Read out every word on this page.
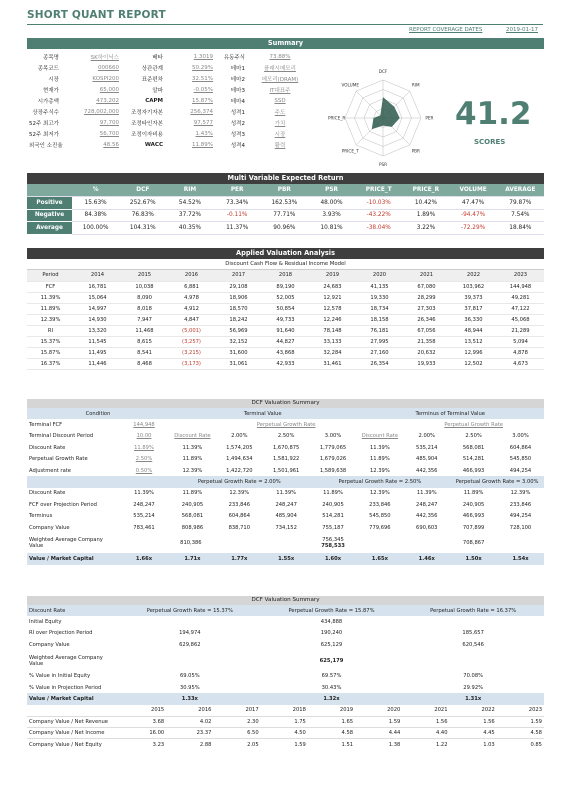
SHORT QUANT REPORT
REPORT COVERAGE DATES	2019-01-17
Summary
종목명	SK하이닉스	베타	1.3019	유동주식	73.88%
종목코드	000660	상관관계	50.29%	테마1	플래시메모리
시장	KOSPI200	표준편차	32.51%	테마2	메모리(DRAM)
현재가	65,000	알파	-0.05%	테마3	IT대표주
시가총액	473,202	CAPM	15.87%	테마4	SSD
상장주식수	728,002,000	조정자기자본	256,374	성격1	주도
52주 최고가	97,700	조정타인자본	97,577	성격2	가치
52주 최저가	56,700	조정이자비용	1.43%	성격3	시장
외국인 소진율	48.56	WACC	11.89%	성격4	활력
DCF
RIM
PER
PBR
PSR
PRICE_T
PRICE_R
VOLUME
41.2
SCORES
Multi Variable Expected Return
	%	DCF	RIM	PER	PBR	PSR	PRICE_T	PRICE_R	VOLUME	AVERAGE
Positive	15.63%	252.67%	54.52%	73.34%	162.53%	48.00%	-10.03%	10.42%	47.47%	79.87%
Negative	84.38%	76.83%	37.72%	-0.11%	77.71%	3.93%	-43.22%	1.89%	-94.47%	7.54%
Average	100.00%	104.31%	40.35%	11.37%	90.96%	10.81%	-38.04%	3.22%	-72.29%	18.84%
Applied Valuation Analysis
Discount Cash Flow & Residual Income Model
Period	2014	2015	2016	2017	2018	2019	2020	2021	2022	2023
FCF	16,781	10,038	6,881	29,108	89,190	24,683	41,135	67,080	103,962	144,948
11.39%	15,064	8,090	4,978	18,906	52,005	12,921	19,330	28,299	39,373	49,281
11.89%	14,997	8,018	4,912	18,570	50,854	12,578	18,734	27,303	37,817	47,122
12.39%	14,930	7,947	4,847	18,242	49,733	12,246	18,158	26,346	36,330	45,068
RI	13,320	11,468	(5,001)	56,969	91,640	78,148	76,181	67,056	48,944	21,289
15.37%	11,545	8,615	(3,257)	32,152	44,827	33,133	27,995	21,358	13,512	5,094
15.87%	11,495	8,541	(3,215)	31,600	43,868	32,284	27,160	20,632	12,996	4,878
16.37%	11,446	8,468	(3,173)	31,061	42,933	31,461	26,354	19,933	12,502	4,673
DCF Valuation Summary
Condition		Terminal Value				Terminus of Terminal Value			
Terminal FCF	144,948		Perpetual Growth Rate				Perpetual Growth Rate		
Terminal Discount Period	10.00	Discount Rate	2.00%	2.50%	3.00%	Discount Rate	2.00%	2.50%	3.00%
Discount Rate	11.89%	11.39%	1,574,205	1,670,875	1,779,065	11.39%	535,214	568,081	604,864
Perpetual Growth Rate	2.50%	11.89%	1,494,634	1,581,922	1,679,026	11.89%	485,904	514,281	545,850
Adjustment rate	0.50%	12.39%	1,422,720	1,501,961	1,589,638	12.39%	442,356	466,993	494,254
		Perpetual Growth Rate = 2.00%			Perpetual Growth Rate = 2.50%			Perpetual Growth Rate = 3.00%	
Discount Rate	11.39%	11.89%	12.39%	11.39%	11.89%	12.39%	11.39%	11.89%	12.39%
FCF over Projection Period	248,247	240,905	233,846	248,247	240,905	233,846	248,247	240,905	233,846
Terminus	535,214	568,081	604,864	485,904	514,281	545,850	442,356	466,993	494,254
Company Value	783,461	808,986	838,710	734,152	755,187	779,696	690,603	707,899	728,100
Weighted Average Company Value	810,386			756,345
758,533			708,867		
Value / Market Capital	1.66x	1.71x	1.77x	1.55x	1.60x	1.65x	1.46x	1.50x	1.54x
DCF Valuation Summary
Discount Rate	Perpetual Growth Rate = 15.37%			Perpetual Growth Rate = 15.87%			Perpetual Growth Rate = 16.37%		
Initial Equity	434,888								
RI over Projection Period	194,974			190,240			185,657		
Company Value	629,862			625,129			620,546		
Weighted Average Company Value	625,179								
% Value in Initial Equity	69.05%			69.57%			70.08%		
% Value in Projection Period	30.95%			30.43%			29.92%		
Value / Market Capital	1.33x			1.32x			1.31x		
	2015	2016	2017	2018	2019	2020	2021	2022	2023
Company Value / Net Revenue	3.68	4.02	2.30	1.75	1.65	1.59	1.56	1.56	1.59
Company Value / Net Income	16.00	23.37	6.50	4.50	4.58	4.44	4.40	4.45	4.58
Company Value / Net Equity	3.23	2.88	2.05	1.59	1.51	1.38	1.22	1.03	0.85
